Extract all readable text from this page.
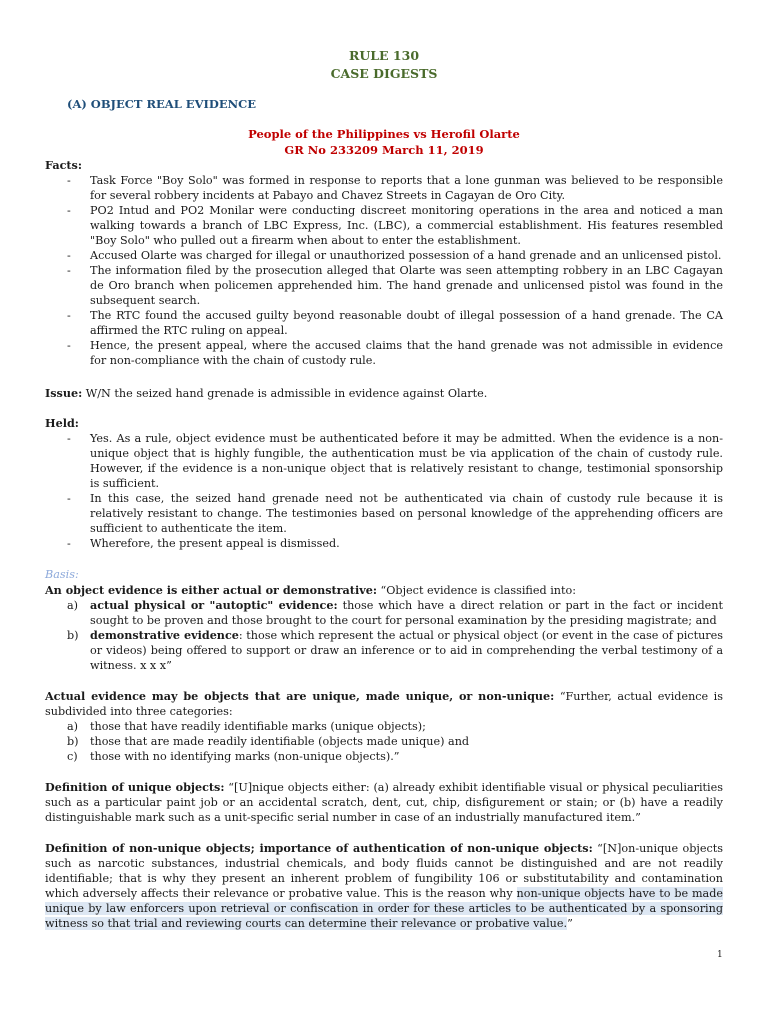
RULE 130
CASE DIGESTS
(A) OBJECT REAL EVIDENCE
People of the Philippines vs Herofil Olarte
GR No 233209 March 11, 2019
Facts:
- Task Force "Boy Solo" was formed in response to reports that a lone gunman was believed to be responsible for several robbery incidents at Pabayo and Chavez Streets in Cagayan de Oro City.
- PO2 Intud and PO2 Monilar were conducting discreet monitoring operations in the area and noticed a man walking towards a branch of LBC Express, Inc. (LBC), a commercial establishment. His features resembled "Boy Solo" who pulled out a firearm when about to enter the establishment.
- Accused Olarte was charged for illegal or unauthorized possession of a hand grenade and an unlicensed pistol.
- The information filed by the prosecution alleged that Olarte was seen attempting robbery in an LBC Cagayan de Oro branch when policemen apprehended him. The hand grenade and unlicensed pistol was found in the subsequent search.
- The RTC found the accused guilty beyond reasonable doubt of illegal possession of a hand grenade. The CA affirmed the RTC ruling on appeal.
- Hence, the present appeal, where the accused claims that the hand grenade was not admissible in evidence for non-compliance with the chain of custody rule.

Issue: W/N the seized hand grenade is admissible in evidence against Olarte.

Held:
- Yes. As a rule, object evidence must be authenticated before it may be admitted. When the evidence is a non-unique object that is highly fungible, the authentication must be via application of the chain of custody rule. However, if the evidence is a non-unique object that is relatively resistant to change, testimonial sponsorship is sufficient.
- In this case, the seized hand grenade need not be authenticated via chain of custody rule because it is relatively resistant to change. The testimonies based on personal knowledge of the apprehending officers are sufficient to authenticate the item.
- Wherefore, the present appeal is dismissed.
Basis:

An object evidence is either actual or demonstrative: “Object evidence is classified into:

a) actual physical or "autoptic" evidence: those which have a direct relation or part in the fact or incident sought to be proven and those brought to the court for personal examination by the presiding magistrate; and
b) demonstrative evidence: those which represent the actual or physical object (or event in the case of pictures or videos) being offered to support or draw an inference or to aid in comprehending the verbal testimony of a witness. x x x”

Actual evidence may be objects that are unique, made unique, or non-unique: “Further, actual evidence is subdivided into three categories:

a) those that have readily identifiable marks (unique objects);
b) those that are made readily identifiable (objects made unique) and
c) those with no identifying marks (non-unique objects).”

Definition of unique objects: “[U]nique objects either: (a) already exhibit identifiable visual or physical peculiarities such as a particular paint job or an accidental scratch, dent, cut, chip, disfigurement or stain; or (b) have a readily distinguishable mark such as a unit-specific serial number in case of an industrially manufactured item.”

Definition of non-unique objects; importance of authentication of non-unique objects: “[N]on-unique objects such as narcotic substances, industrial chemicals, and body fluids cannot be distinguished and are not readily identifiable; that is why they present an inherent problem of fungibility 106 or substitutability and contamination which adversely affects their relevance or probative value. This is the reason why non-unique objects have to be made unique by law enforcers upon retrieval or confiscation in order for these articles to be authenticated by a sponsoring witness so that trial and reviewing courts can determine their relevance or probative value.”

1
